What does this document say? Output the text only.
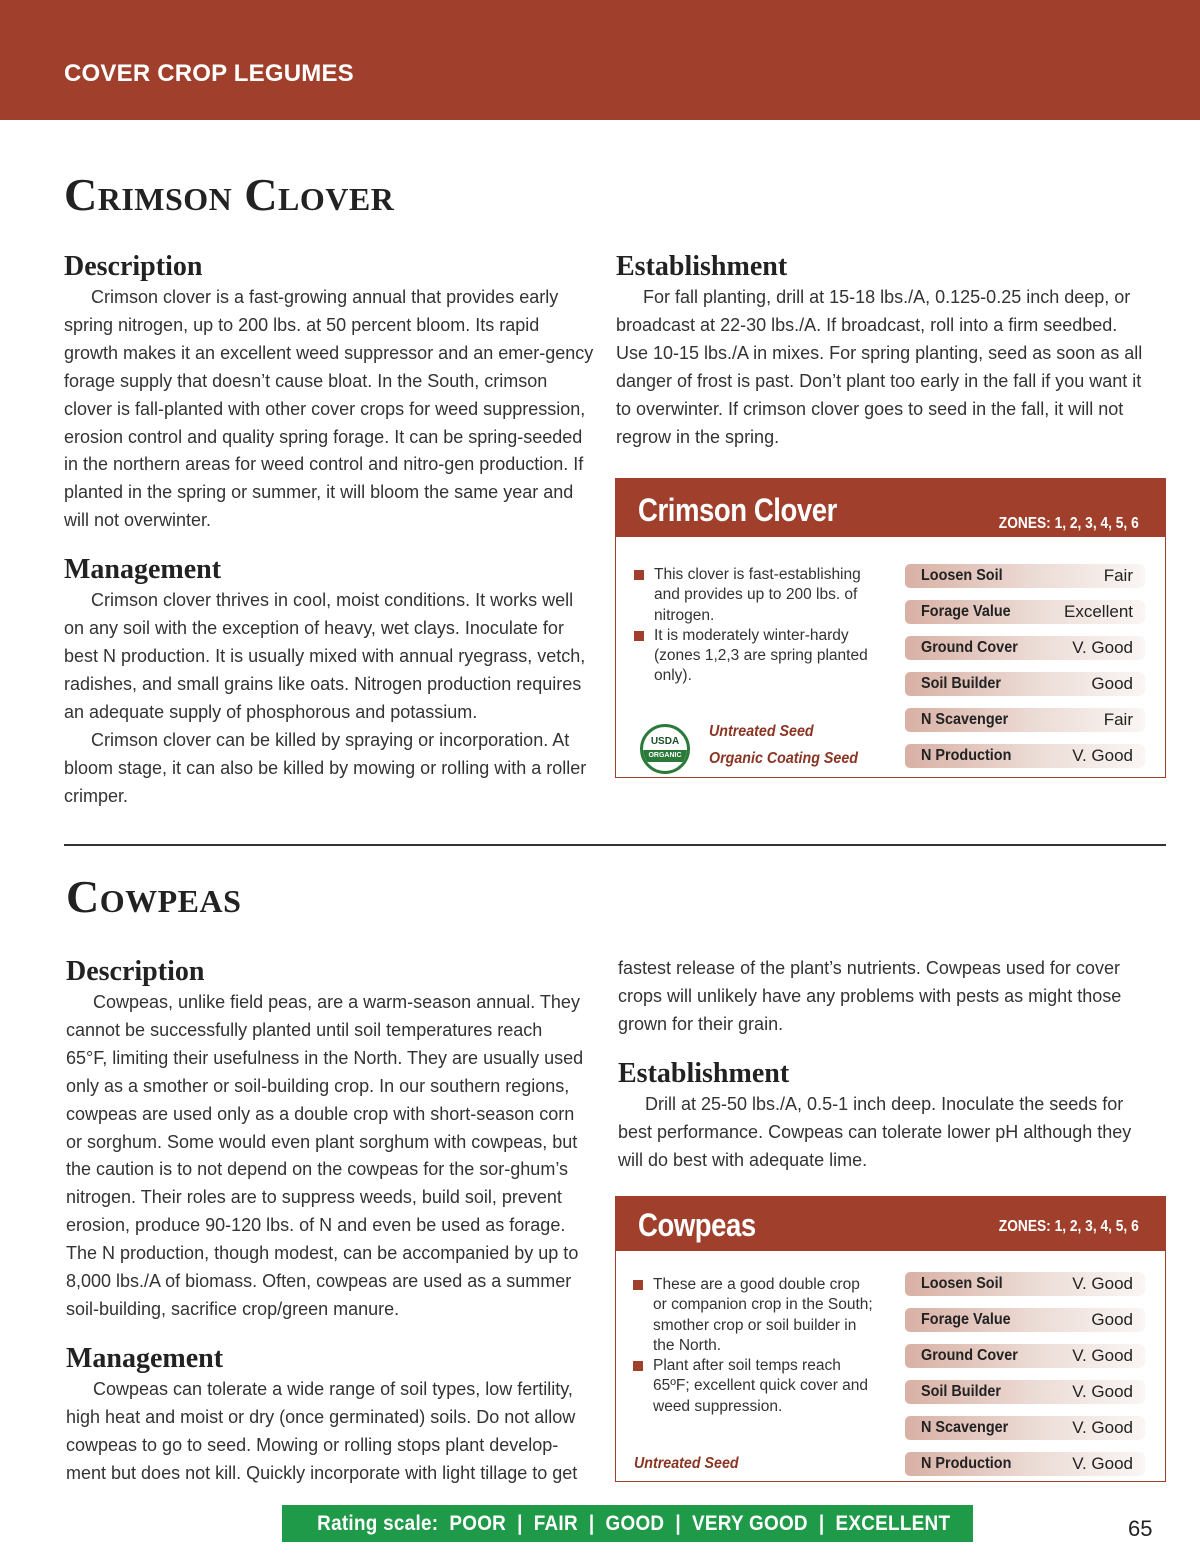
COVER CROP LEGUMES
Crimson Clover
Description

Crimson clover is a fast-growing annual that provides early spring nitrogen, up to 200 lbs. at 50 percent bloom. Its rapid growth makes it an excellent weed suppressor and an emer-gency forage supply that doesn’t cause bloat. In the South, crimson clover is fall-planted with other cover crops for weed suppression, erosion control and quality spring forage. It can be spring-seeded in the northern areas for weed control and nitro-gen production. If planted in the spring or summer, it will bloom the same year and will not overwinter.

Management

Crimson clover thrives in cool, moist conditions. It works well on any soil with the exception of heavy, wet clays. Inoculate for best N production. It is usually mixed with annual ryegrass, vetch, radishes, and small grains like oats. Nitrogen production requires an adequate supply of phosphorous and potassium.

Crimson clover can be killed by spraying or incorporation. At bloom stage, it can also be killed by mowing or rolling with a roller crimper.

Establishment

For fall planting, drill at 15-18 lbs./A, 0.125-0.25 inch deep, or broadcast at 22-30 lbs./A. If broadcast, roll into a firm seedbed. Use 10-15 lbs./A in mixes. For spring planting, seed as soon as all danger of frost is past. Don’t plant too early in the fall if you want it to overwinter. If crimson clover goes to seed in the fall, it will not regrow in the spring.

Crimson Clover	ZONES: 1, 2, 3, 4, 5, 6
This clover is fast-establishing and provides up to 200 lbs. of nitrogen.
It is moderately winter-hardy (zones 1,2,3 are spring planted only).
USDA
ORGANIC
Untreated Seed
Organic Coating Seed
Loosen Soil	Fair
Forage Value	Excellent
Ground Cover	V. Good
Soil Builder	Good
N Scavenger	Fair
N Production	V. Good
Cowpeas
Description

Cowpeas, unlike field peas, are a warm-season annual. They cannot be successfully planted until soil temperatures reach 65°F, limiting their usefulness in the North. They are usually used only as a smother or soil-building crop. In our southern regions, cowpeas are used only as a double crop with short-season corn or sorghum. Some would even plant sorghum with cowpeas, but the caution is to not depend on the cowpeas for the sor-ghum’s nitrogen. Their roles are to suppress weeds, build soil, prevent erosion, produce 90-120 lbs. of N and even be used as forage. The N production, though modest, can be accompanied by up to 8,000 lbs./A of biomass. Often, cowpeas are used as a summer soil-building, sacrifice crop/green manure.

Management

Cowpeas can tolerate a wide range of soil types, low fertility, high heat and moist or dry (once germinated) soils. Do not allow cowpeas to go to seed. Mowing or rolling stops plant develop-ment but does not kill. Quickly incorporate with light tillage to get

fastest release of the plant’s nutrients. Cowpeas used for cover crops will unlikely have any problems with pests as might those grown for their grain.

Establishment

Drill at 25-50 lbs./A, 0.5-1 inch deep. Inoculate the seeds for best performance. Cowpeas can tolerate lower pH although they will do best with adequate lime.

Cowpeas	ZONES: 1, 2, 3, 4, 5, 6
These are a good double crop or companion crop in the South; smother crop or soil builder in the North.
Plant after soil temps reach 65ºF; excellent quick cover and weed suppression.
Untreated Seed
Loosen Soil	V. Good
Forage Value	Good
Ground Cover	V. Good
Soil Builder	V. Good
N Scavenger	V. Good
N Production	V. Good
Rating scale:  POOR  |  FAIR  |  GOOD  |  VERY GOOD  |  EXCELLENT	65
